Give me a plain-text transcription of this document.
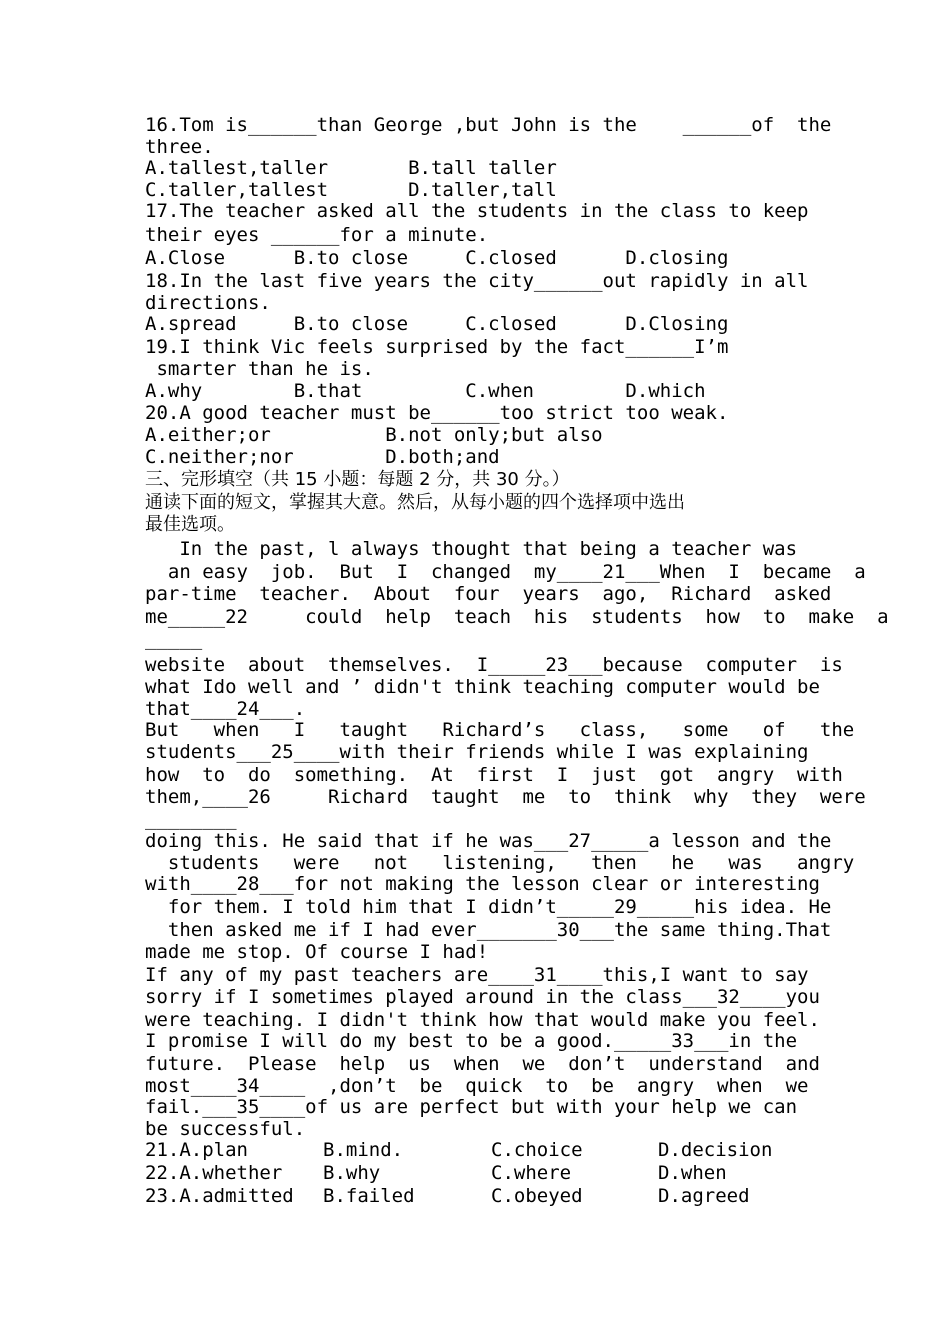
16.Tom is______than George ,but John is the    ______of  the
three.
A.tallest,taller       B.tall taller
C.taller,tallest       D.taller,tall
17.The teacher asked all the students in the class to keep
their eyes ______for a minute.
A.Close      B.to close     C.closed      D.closing
18.In the last five years the city______out rapidly in all
directions.
A.spread     B.to close     C.closed      D.Closing
19.I think Vic feels surprised by the fact______I’m
smarter than he is.
A.why        B.that         C.when        D.which
20.A good teacher must be______too strict too weak.
A.either;or          B.not only;but also
C.neither;nor        D.both;and
三、完形填空（共 15 小题：每题 2 分，共 30 分。）
通读下面的短文，掌握其大意。然后，从每小题的四个选择项中选出
最佳选项。
In the past, l always thought that being a teacher was
an easy  job.  But  I  changed  my____21___When  I  became  a
par-time  teacher.  About  four  years  ago,  Richard  asked
me_____22     could  help  teach  his  students  how  to  make  a
_____
website  about  themselves.  I_____23___because  computer  is
what Ido well and ’ didn't think teaching computer would be
that____24___.
But   when   I   taught   Richard’s   class,   some   of   the
students___25____with their friends while I was explaining
how  to  do  something.  At  first  I  just  got  angry  with
them,____26     Richard  taught  me  to  think  why  they  were
________
doing this. He said that if he was___27_____a lesson and the
students   were   not   listening,   then   he   was   angry
with____28___for not making the lesson clear or interesting
for them. I told him that I didn’t_____29_____his idea. He
then asked me if I had ever_______30___the same thing.That
made me stop. Of course I had!
If any of my past teachers are____31____this,I want to say
sorry if I sometimes played around in the class___32____you
were teaching. I didn't think how that would make you feel.
I promise I will do my best to be a good._____33___in the
future.  Please  help  us  when  we  don’t  understand  and
most____34____  ,don’t  be  quick  to  be  angry  when  we
fail.___35____of us are perfect but with your help we can
be successful.
21.A.plan	B.mind.	C.choice	D.decision
22.A.whether B.why	C.where	D.when
23.A.admitted B.failed	C.obeyed	D.agreed
